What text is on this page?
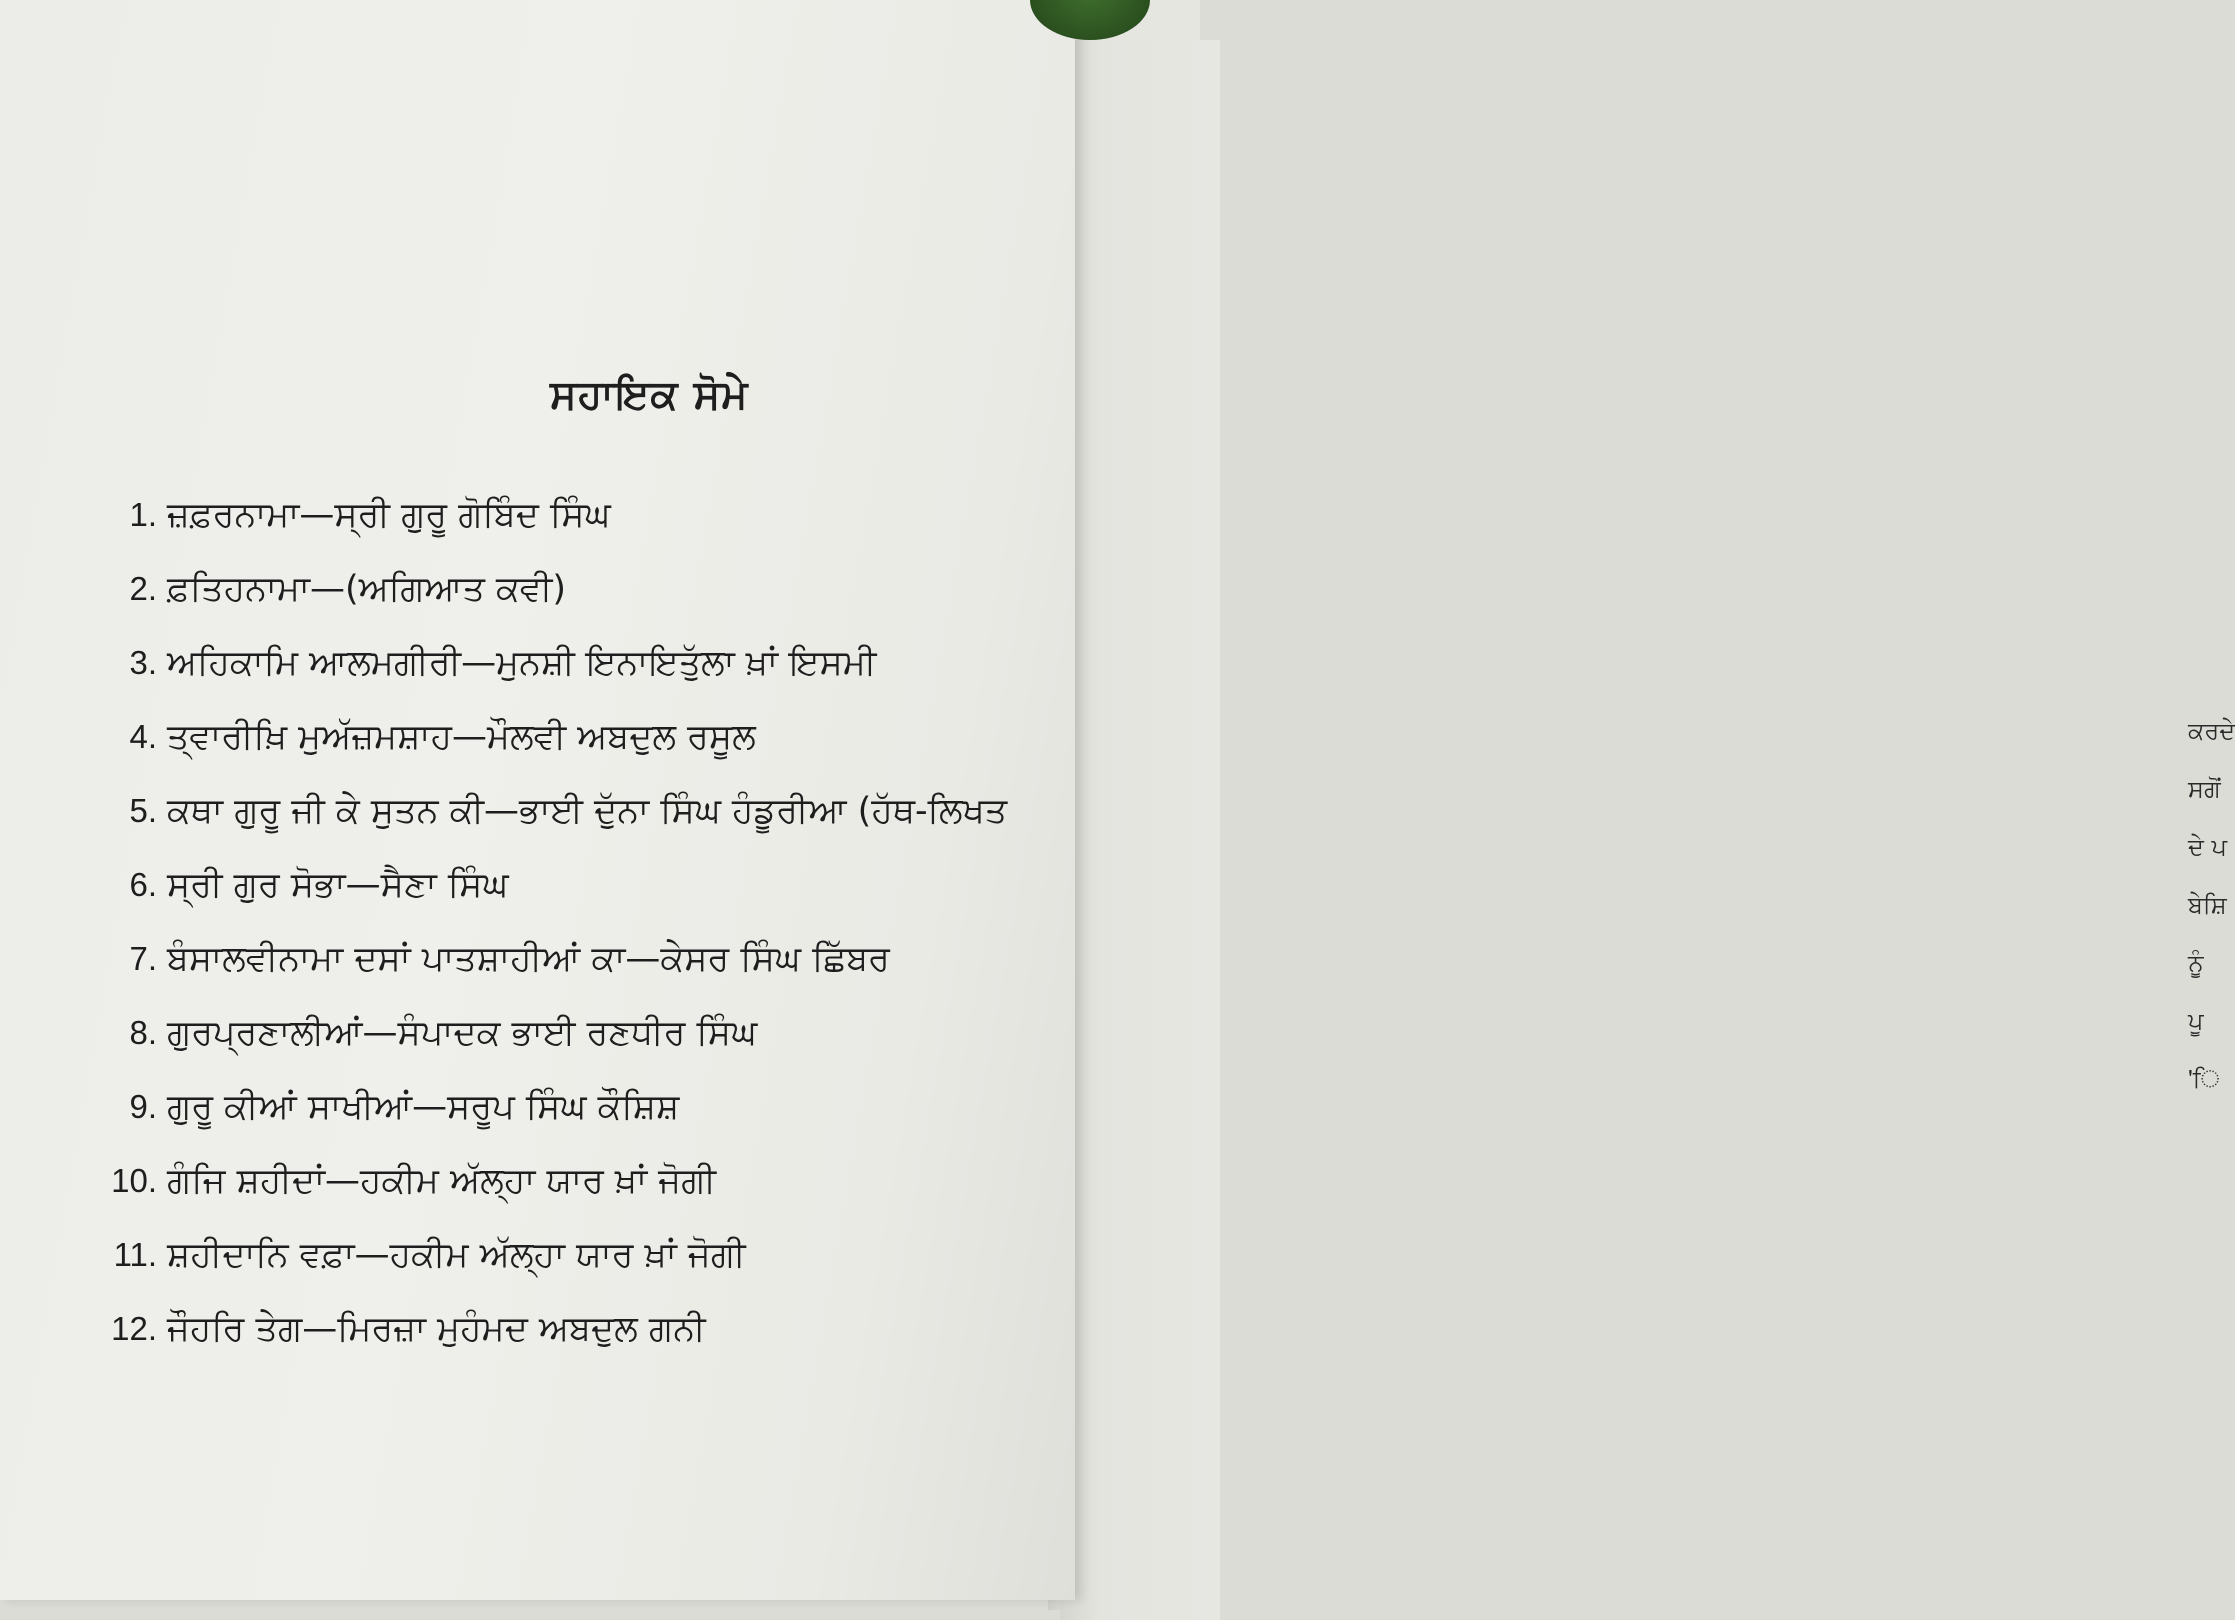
ਕਰਦੇ
ਸਗੋਂ
ਦੇ ਪ
ਬੇਸ਼ਿ
ਨੂੰ
ਪੂ
'ਿ
ਸਹਾਇਕ ਸੋਮੇ
1. ਜ਼ਫ਼ਰਨਾਮਾ—ਸ੍ਰੀ ਗੁਰੂ ਗੋਬਿੰਦ ਸਿੰਘ
2. ਫ਼ਤਿਹਨਾਮਾ—(ਅਗਿਆਤ ਕਵੀ)
3. ਅਹਿਕਾਮਿ ਆਲਮਗੀਰੀ—ਮੁਨਸ਼ੀ ਇਨਾਇਤੁੱਲਾ ਖ਼ਾਂ ਇਸਮੀ
4. ਤ੍ਵਾਰੀਖ਼ਿ ਮੁਅੱਜ਼ਮਸ਼ਾਹ—ਮੌਲਵੀ ਅਬਦੁਲ ਰਸੂਲ
5. ਕਥਾ ਗੁਰੂ ਜੀ ਕੇ ਸੁਤਨ ਕੀ—ਭਾਈ ਦੁੱਨਾ ਸਿੰਘ ਹੰਡੂਰੀਆ (ਹੱਥ-ਲਿਖਤ
6. ਸ੍ਰੀ ਗੁਰ ਸੋਭਾ—ਸੈਣਾ ਸਿੰਘ
7. ਬੰਸਾਲਵੀਨਾਮਾ ਦਸਾਂ ਪਾਤਸ਼ਾਹੀਆਂ ਕਾ—ਕੇਸਰ ਸਿੰਘ ਛਿੱਬਰ
8. ਗੁਰਪ੍ਰਣਾਲੀਆਂ—ਸੰਪਾਦਕ ਭਾਈ ਰਣਧੀਰ ਸਿੰਘ
9. ਗੁਰੂ ਕੀਆਂ ਸਾਖੀਆਂ—ਸਰੂਪ ਸਿੰਘ ਕੌਸ਼ਿਸ਼
10. ਗੰਜਿ ਸ਼ਹੀਦਾਂ—ਹਕੀਮ ਅੱਲ੍ਹਾ ਯਾਰ ਖ਼ਾਂ ਜੋਗੀ
11. ਸ਼ਹੀਦਾਨਿ ਵਫ਼ਾ—ਹਕੀਮ ਅੱਲ੍ਹਾ ਯਾਰ ਖ਼ਾਂ ਜੋਗੀ
12. ਜੌਹਰਿ ਤੇਗ—ਮਿਰਜ਼ਾ ਮੁਹੰਮਦ ਅਬਦੁਲ ਗਨੀ
